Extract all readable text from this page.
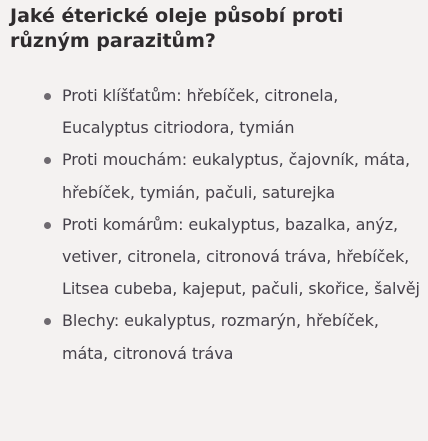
Jaké éterické oleje působí proti různým parazitům?
Proti klíšťatům: hřebíček, citronela, Eucalyptus citriodora, tymián
Proti mouchám: eukalyptus, čajovník, máta, hřebíček, tymián, pačuli, saturejka
Proti komárům: eukalyptus, bazalka, anýz, vetiver, citronela, citronová tráva, hřebíček, Litsea cubeba, kajeput, pačuli, skořice, šalvěj
Blechy: eukalyptus, rozmarýn, hřebíček, máta, citronová tráva
